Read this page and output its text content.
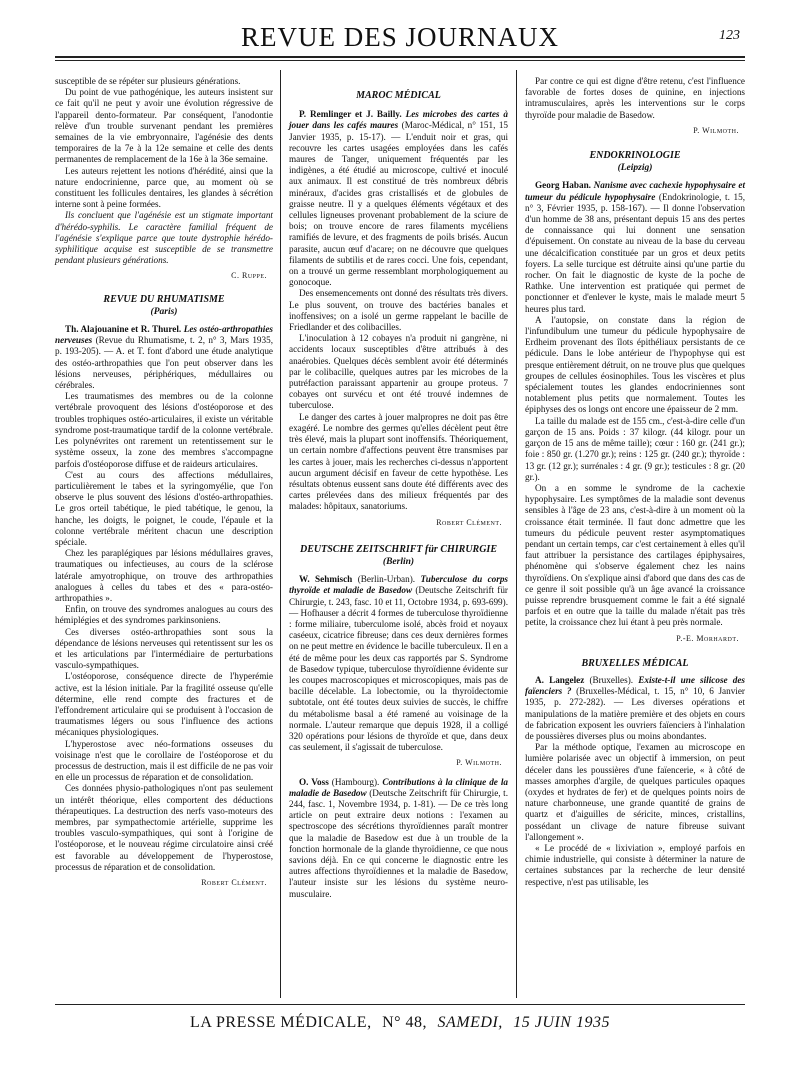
REVUE DES JOURNAUX	123

susceptible de se répéter sur plusieurs générations.

Du point de vue pathogénique, les auteurs insistent sur ce fait qu'il ne peut y avoir une évolution régressive de l'appareil dento-formateur. Par conséquent, l'anodontie relève d'un trouble survenant pendant les premières semaines de la vie embryonnaire, l'agénésie des dents temporaires de la 7e à la 12e semaine et celle des dents permanentes de remplacement de la 16e à la 36e semaine.

Les auteurs rejettent les notions d'hérédité, ainsi que la nature endocrinienne, parce que, au moment où se constituent les follicules dentaires, les glandes à sécrétion interne sont à peine formées.

Ils concluent que l'agénésie est un stigmate important d'hérédo-syphilis. Le caractère familial fréquent de l'agénésie s'explique parce que toute dystrophie hérédo-syphilitique acquise est susceptible de se transmettre pendant plusieurs générations.

C. Ruppe.
REVUE DU RHUMATISME
(Paris)

Th. Alajouanine et R. Thurel. Les ostéo-arthropathies nerveuses (Revue du Rhumatisme, t. 2, n° 3, Mars 1935, p. 193-205). — A. et T. font d'abord une étude analytique des ostéo-arthropathies que l'on peut observer dans les lésions nerveuses, périphériques, médullaires ou cérébrales.

Les traumatismes des membres ou de la colonne vertébrale provoquent des lésions d'ostéoporose et des troubles trophiques ostéo-articulaires, il existe un véritable syndrome post-traumatique tardif de la colonne vertébrale. Les polynévrites ont rarement un retentissement sur le système osseux, la zone des membres s'accompagne parfois d'ostéoporose diffuse et de raideurs articulaires.

C'est au cours des affections médullaires, particulièrement le tabes et la syringomyélie, que l'on observe le plus souvent des lésions d'ostéo-arthropathies. Le gros orteil tabétique, le pied tabétique, le genou, la hanche, les doigts, le poignet, le coude, l'épaule et la colonne vertébrale méritent chacun une description spéciale.

Chez les paraplégiques par lésions médullaires graves, traumatiques ou infectieuses, au cours de la sclérose latérale amyotrophique, on trouve des arthropathies analogues à celles du tabes et des « para-ostéo-arthropathies ».

Enfin, on trouve des syndromes analogues au cours des hémiplégies et des syndromes parkinsoniens.

Ces diverses ostéo-arthropathies sont sous la dépendance de lésions nerveuses qui retentissent sur les os et les articulations par l'intermédiaire de perturbations vasculo-sympathiques.

L'ostéoporose, conséquence directe de l'hyperémie active, est la lésion initiale. Par la fragilité osseuse qu'elle détermine, elle rend compte des fractures et de l'effondrement articulaire qui se produisent à l'occasion de traumatismes légers ou sous l'influence des actions mécaniques physiologiques.

L'hyperostose avec néo-formations osseuses du voisinage n'est que le corollaire de l'ostéoporose et du processus de destruction, mais il est difficile de ne pas voir en elle un processus de réparation et de consolidation.

Ces données physio-pathologiques n'ont pas seulement un intérêt théorique, elles comportent des déductions thérapeutiques. La destruction des nerfs vaso-moteurs des membres, par sympathectomie artérielle, supprime les troubles vasculo-sympathiques, qui sont à l'origine de l'ostéoporose, et le nouveau régime circulatoire ainsi créé est favorable au développement de l'hyperostose, processus de réparation et de consolidation.

Robert Clément.
MAROC MÉDICAL

P. Remlinger et J. Bailly. Les microbes des cartes à jouer dans les cafés maures (Maroc-Médical, n° 151, 15 Janvier 1935, p. 15-17). — L'enduit noir et gras, qui recouvre les cartes usagées employées dans les cafés maures de Tanger, uniquement fréquentés par les indigènes, a été étudié au microscope, cultivé et inoculé aux animaux. Il est constitué de très nombreux débris minéraux, d'acides gras cristallisés et de globules de graisse neutre. Il y a quelques éléments végétaux et des cellules ligneuses provenant probablement de la sciure de bois; on trouve encore de rares filaments mycéliens ramifiés de levure, et des fragments de poils brisés. Aucun parasite, aucun œuf d'acare; on ne découvre que quelques filaments de subtilis et de rares cocci. Une fois, cependant, on a trouvé un germe ressemblant morphologiquement au gonocoque.

Des ensemencements ont donné des résultats très divers. Le plus souvent, on trouve des bactéries banales et inoffensives; on a isolé un germe rappelant le bacille de Friedlander et des colibacilles.

L'inoculation à 12 cobayes n'a produit ni gangrène, ni accidents locaux susceptibles d'être attribués à des anaérobies. Quelques décès semblent avoir été déterminés par le colibacille, quelques autres par les microbes de la putréfaction paraissant appartenir au groupe proteus. 7 cobayes ont survécu et ont été trouvé indemnes de tuberculose.

Le danger des cartes à jouer malpropres ne doit pas être exagéré. Le nombre des germes qu'elles décèlent peut être très élevé, mais la plupart sont inoffensifs. Théoriquement, un certain nombre d'affections peuvent être transmises par les cartes à jouer, mais les recherches ci-dessus n'apportent aucun argument décisif en faveur de cette hypothèse. Les résultats obtenus eussent sans doute été différents avec des cartes prélevées dans des milieux fréquentés par des malades: hôpitaux, sanatoriums.

Robert Clément.
DEUTSCHE ZEITSCHRIFT für CHIRURGIE
(Berlin)

W. Sehmisch (Berlin-Urban). Tuberculose du corps thyroïde et maladie de Basedow (Deutsche Zeitschrift für Chirurgie, t. 243, fasc. 10 et 11, Octobre 1934, p. 693-699). — Hofhauser a décrit 4 formes de tuberculose thyroïdienne : forme miliaire, tuberculome isolé, abcès froid et noyaux caséeux, cicatrice fibreuse; dans ces deux dernières formes on ne peut mettre en évidence le bacille tuberculeux. Il en a été de même pour les deux cas rapportés par S. Syndrome de Basedow typique, tuberculose thyroïdienne évidente sur les coupes macroscopiques et microscopiques, mais pas de bacille décelable. La lobectomie, ou la thyroïdectomie subtotale, ont été toutes deux suivies de succès, le chiffre du métabolisme basal a été ramené au voisinage de la normale. L'auteur remarque que depuis 1928, il a colligé 320 opérations pour lésions de thyroïde et que, dans deux cas seulement, il s'agissait de tuberculose.

P. Wilmoth.

O. Voss (Hambourg). Contributions à la clinique de la maladie de Basedow (Deutsche Zeitschrift für Chirurgie, t. 244, fasc. 1, Novembre 1934, p. 1-81). — De ce très long article on peut extraire deux notions : l'examen au spectroscope des sécrétions thyroïdiennes paraît montrer que la maladie de Basedow est due à un trouble de la fonction hormonale de la glande thyroïdienne, ce que nous savions déjà. En ce qui concerne le diagnostic entre les autres affections thyroïdiennes et la maladie de Basedow, l'auteur insiste sur les lésions du système neuro-musculaire.

Par contre ce qui est digne d'être retenu, c'est l'influence favorable de fortes doses de quinine, en injections intramusculaires, après les interventions sur le corps thyroïde pour maladie de Basedow.

P. Wilmoth.
ENDOKRINOLOGIE
(Leipzig)

Georg Haban. Nanisme avec cachexie hypophysaire et tumeur du pédicule hypophysaire (Endokrinologie, t. 15, n° 3, Février 1935, p. 158-167). — Il donne l'observation d'un homme de 38 ans, présentant depuis 15 ans des pertes de connaissance qui lui donnent une sensation d'épuisement. On constate au niveau de la base du cerveau une décalcification constituée par un gros et deux petits foyers. La selle turcique est détruite ainsi qu'une partie du rocher. On fait le diagnostic de kyste de la poche de Rathke. Une intervention est pratiquée qui permet de ponctionner et d'enlever le kyste, mais le malade meurt 5 heures plus tard.

A l'autopsie, on constate dans la région de l'infundibulum une tumeur du pédicule hypophysaire de Erdheim provenant des îlots épithéliaux persistants de ce pédicule. Dans le lobe antérieur de l'hypophyse qui est presque entièrement détruit, on ne trouve plus que quelques groupes de cellules éosinophiles. Tous les viscères et plus spécialement toutes les glandes endocriniennes sont notablement plus petits que normalement. Toutes les épiphyses des os longs ont encore une épaisseur de 2 mm.

La taille du malade est de 155 cm., c'est-à-dire celle d'un garçon de 15 ans. Poids : 37 kilogr. (44 kilogr. pour un garçon de 15 ans de même taille); cœur : 160 gr. (241 gr.); foie : 850 gr. (1.270 gr.); reins : 125 gr. (240 gr.); thyroïde : 13 gr. (12 gr.); surrénales : 4 gr. (9 gr.); testicules : 8 gr. (20 gr.).

On a en somme le syndrome de la cachexie hypophysaire. Les symptômes de la maladie sont devenus sensibles à l'âge de 23 ans, c'est-à-dire à un moment où la croissance était terminée. Il faut donc admettre que les tumeurs du pédicule peuvent rester asymptomatiques pendant un certain temps, car c'est certainement à elles qu'il faut attribuer la persistance des cartilages épiphysaires, phénomène qui s'observe également chez les nains thyroïdiens. On s'explique ainsi d'abord que dans des cas de ce genre il soit possible qu'à un âge avancé la croissance puisse reprendre brusquement comme le fait a été signalé parfois et en outre que la taille du malade n'était pas très petite, la croissance chez lui étant à peu près normale.

P.-E. Morhardt.
BRUXELLES MÉDICAL

A. Langelez (Bruxelles). Existe-t-il une silicose des faïenciers ? (Bruxelles-Médical, t. 15, n° 10, 6 Janvier 1935, p. 272-282). — Les diverses opérations et manipulations de la matière première et des objets en cours de fabrication exposent les ouvriers faïenciers à l'inhalation de poussières diverses plus ou moins abondantes.

Par la méthode optique, l'examen au microscope en lumière polarisée avec un objectif à immersion, on peut déceler dans les poussières d'une faïencerie, « à côté de masses amorphes d'argile, de quelques particules opaques (oxydes et hydrates de fer) et de quelques points noirs de nature charbonneuse, une grande quantité de grains de quartz et d'aiguilles de séricite, minces, cristallins, possédant un clivage de nature fibreuse suivant l'allongement ».

« Le procédé de « lixiviation », employé parfois en chimie industrielle, qui consiste à déterminer la nature de certaines substances par la recherche de leur densité respective, n'est pas utilisable, les

LA PRESSE MÉDICALE, N° 48, SAMEDI, 15 JUIN 1935
